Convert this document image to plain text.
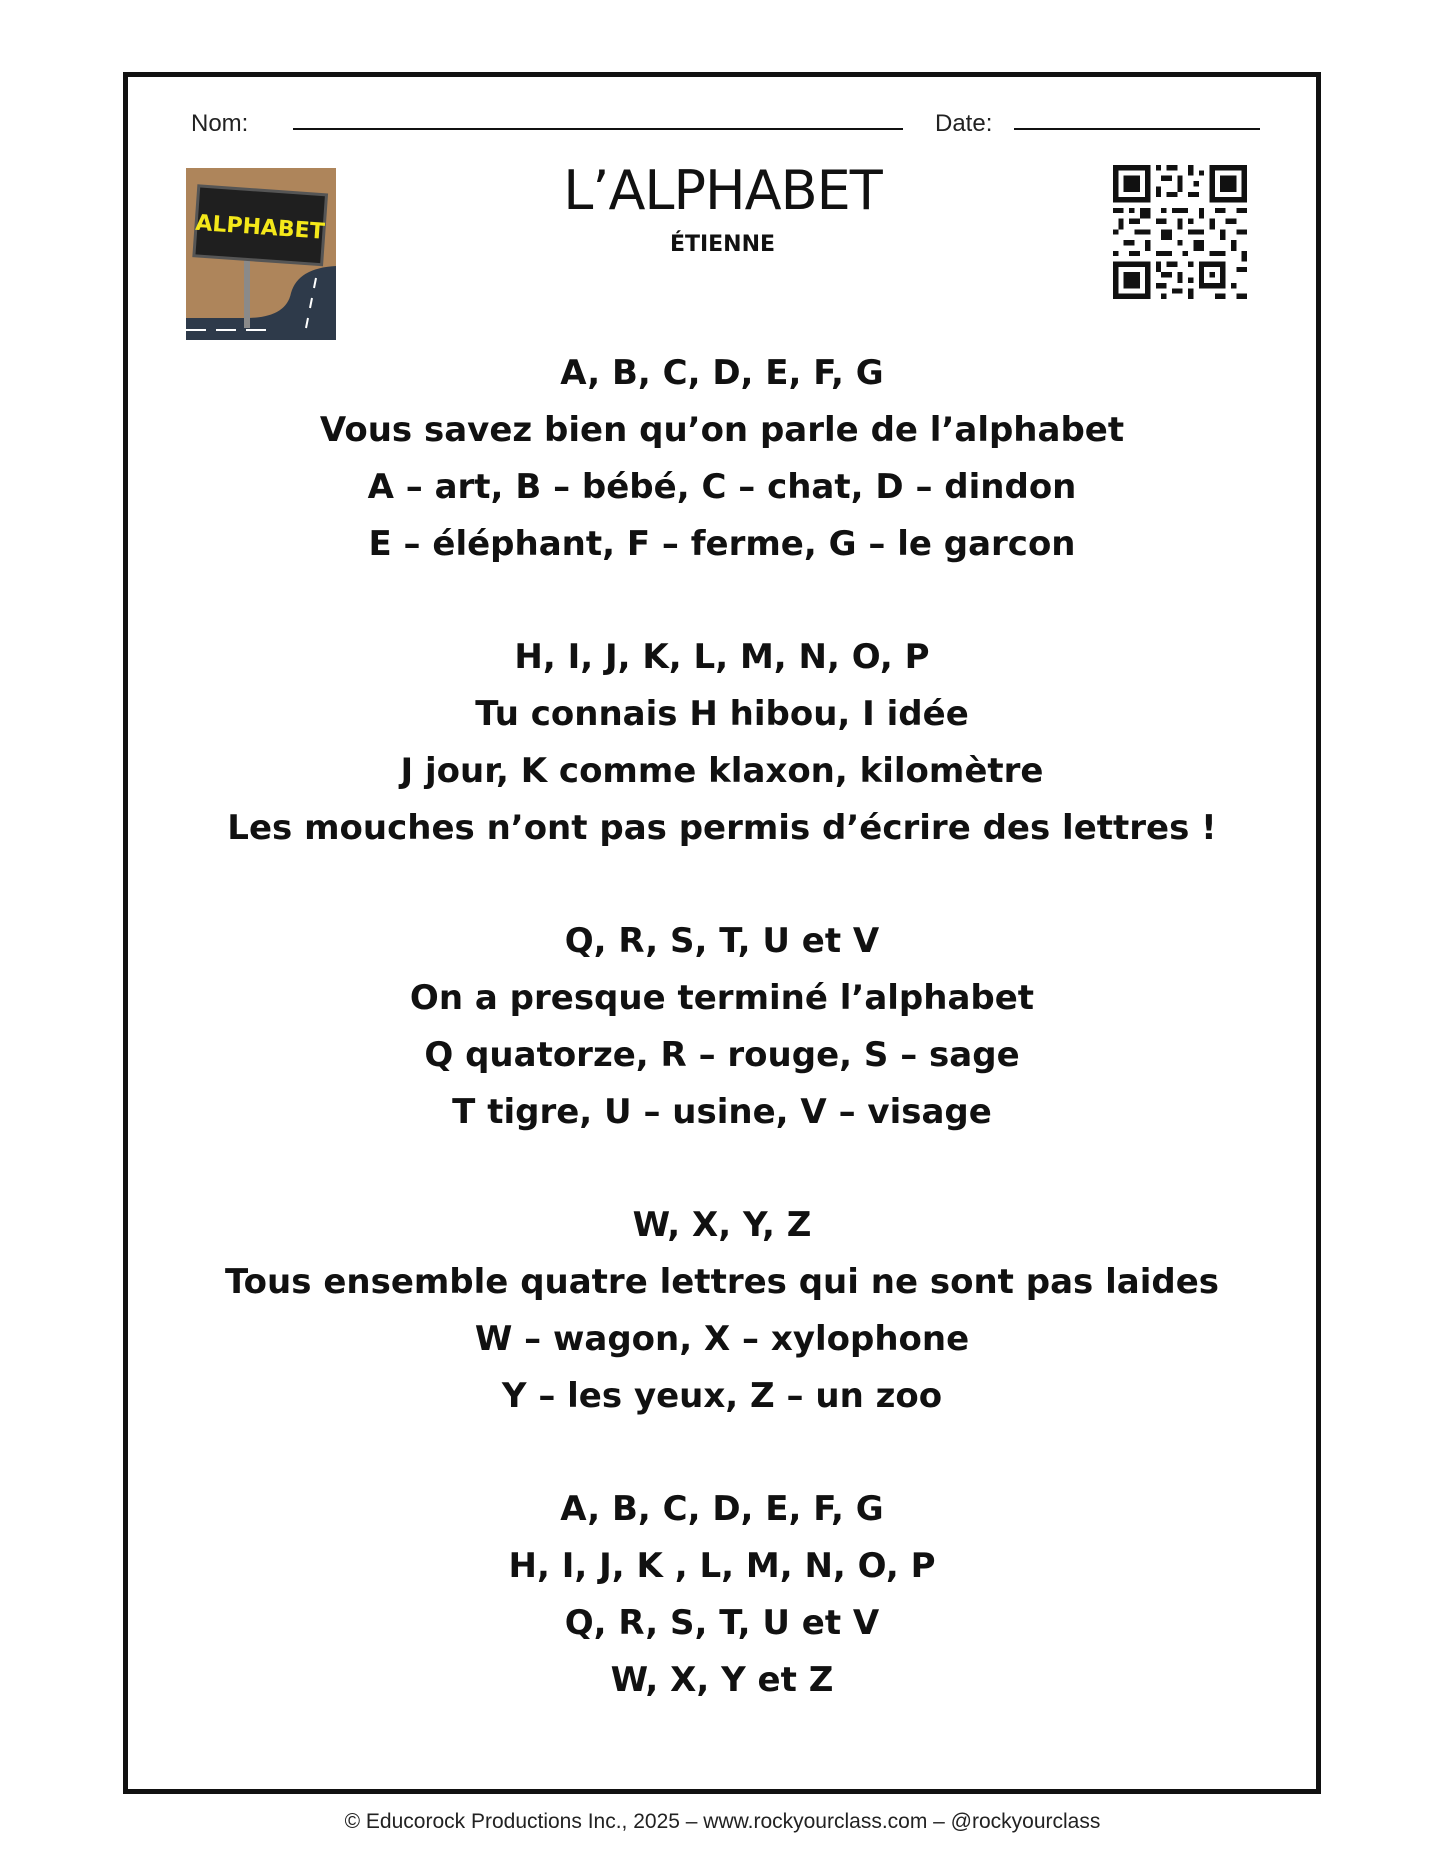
Nom:	Date:
L’ALPHABET
ÉTIENNE
ALPHABET
A, B, C, D, E, F, G
Vous savez bien qu’on parle de l’alphabet
A – art, B – bébé, C – chat, D – dindon
E – éléphant, F – ferme, G – le garcon
H, I, J, K, L, M, N, O, P
Tu connais H hibou, I idée
J jour, K comme klaxon, kilomètre
Les mouches n’ont pas permis d’écrire des lettres !
Q, R, S, T, U et V
On a presque terminé l’alphabet
Q quatorze, R – rouge, S – sage
T tigre, U – usine, V – visage
W, X, Y, Z
Tous ensemble quatre lettres qui ne sont pas laides
W – wagon, X – xylophone
Y – les yeux, Z – un zoo
A, B, C, D, E, F, G
H, I, J, K , L, M, N, O, P
Q, R, S, T, U et V
W, X, Y et Z
© Educorock Productions Inc., 2025 – www.rockyourclass.com – @rockyourclass
